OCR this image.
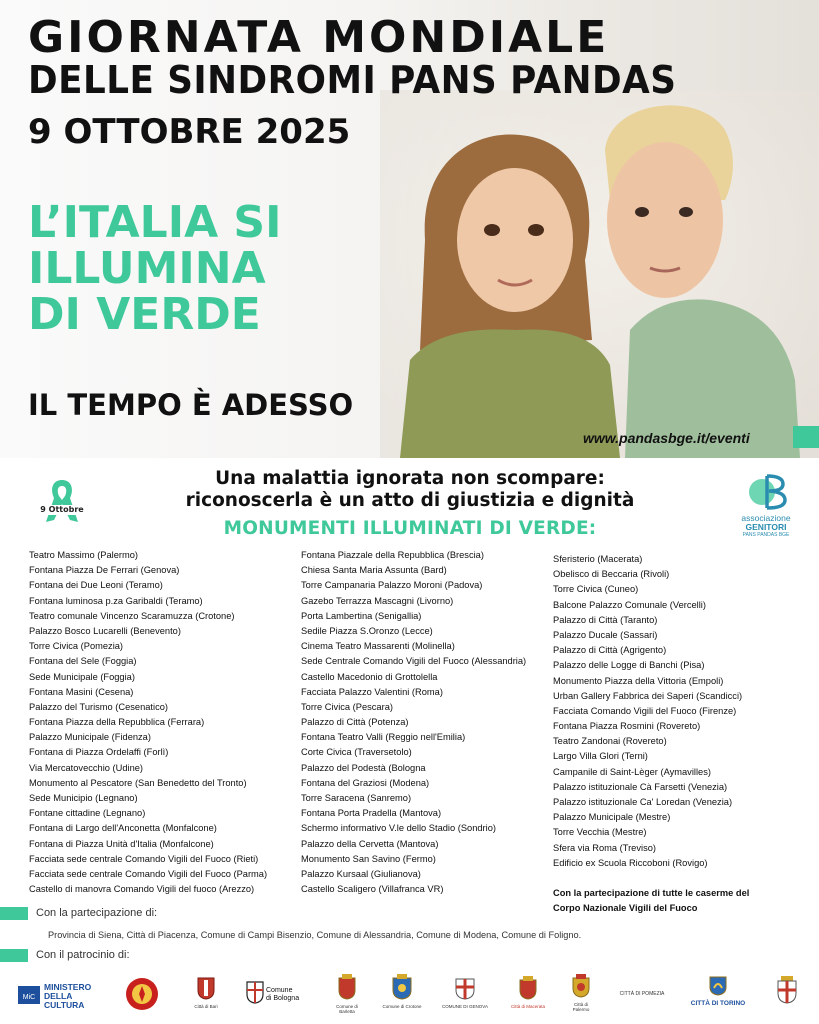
GIORNATA MONDIALE
DELLE SINDROMI PANS PANDAS
9 OTTOBRE 2025
L’ITALIA SI
ILLUMINA
DI VERDE
IL TEMPO È ADESSO
www.pandasbge.it/eventi
9 Ottobre
Una malattia ignorata non scompare:
riconoscerla è un atto di giustizia e dignità
MONUMENTI ILLUMINATI DI VERDE:	associazione
GENITORI
PANS PANDAS BGE
Teatro Massimo (Palermo)
Fontana Piazza De Ferrari (Genova)
Fontana dei Due Leoni (Teramo)
Fontana luminosa p.za Garibaldi (Teramo)
Teatro comunale Vincenzo Scaramuzza (Crotone)
Palazzo Bosco Lucarelli (Benevento)
Torre Civica (Pomezia)
Fontana del Sele (Foggia)
Sede Municipale (Foggia)
Fontana Masini (Cesena)
Palazzo del Turismo (Cesenatico)
Fontana Piazza della Repubblica (Ferrara)
Palazzo Municipale (Fidenza)
Fontana di Piazza Ordelaffi (Forlì)
Via Mercatovecchio (Udine)
Monumento al Pescatore (San Benedetto del Tronto)
Sede Municipio (Legnano)
Fontane cittadine (Legnano)
Fontana di Largo dell'Anconetta (Monfalcone)
Fontana di Piazza Unità d'Italia (Monfalcone)
Facciata sede centrale Comando Vigili del Fuoco (Rieti)
Facciata sede centrale Comando Vigili del Fuoco (Parma)
Castello di manovra Comando Vigili del fuoco (Arezzo)
Fontana Piazzale della Repubblica (Brescia)
Chiesa Santa Maria Assunta (Bard)
Torre Campanaria Palazzo Moroni (Padova)
Gazebo Terrazza Mascagni (Livorno)
Porta Lambertina (Senigallia)
Sedile Piazza S.Oronzo (Lecce)
Cinema Teatro Massarenti (Molinella)
Sede Centrale Comando Vigili del Fuoco (Alessandria)
Castello Macedonio di Grottolella
Facciata Palazzo Valentini (Roma)
Torre Civica (Pescara)
Palazzo di Città (Potenza)
Fontana Teatro Valli (Reggio nell'Emilia)
Corte Civica (Traversetolo)
Palazzo del Podestà (Bologna
Fontana del Graziosi (Modena)
Torre Saracena (Sanremo)
Fontana Porta Pradella (Mantova)
Schermo informativo V.le dello Stadio (Sondrio)
Palazzo della Cervetta (Mantova)
Monumento San Savino (Fermo)
Palazzo Kursaal (Giulianova)
Castello Scaligero (Villafranca VR)
Sferisterio (Macerata)
Obelisco di Beccaria (Rivoli)
Torre Civica (Cuneo)
Balcone Palazzo Comunale (Vercelli)
Palazzo di Città (Taranto)
Palazzo Ducale (Sassari)
Palazzo di Città (Agrigento)
Palazzo delle Logge di Banchi (Pisa)
Monumento Piazza della Vittoria (Empoli)
Urban Gallery Fabbrica dei Saperi (Scandicci)
Facciata Comando Vigili del Fuoco (Firenze)
Fontana Piazza Rosmini (Rovereto)
Teatro Zandonai (Rovereto)
Largo Villa Glori (Terni)
Campanile di Saint-Lèger (Aymavilles)
Palazzo istituzionale Cà Farsetti (Venezia)
Palazzo istituzionale Ca' Loredan (Venezia)
Palazzo Municipale (Mestre)
Torre Vecchia (Mestre)
Sfera via Roma (Treviso)
Edificio ex Scuola Riccoboni (Rovigo)
Con la partecipazione di tutte le caserme del
Corpo Nazionale Vigili del Fuoco
Con la partecipazione di:
Provincia di Siena, Città di Piacenza, Comune di Campi Bisenzio, Comune di Alessandria, Comune di Modena, Comune di Foligno.
Con il patrocinio di:
MiC
MINISTERO
DELLA
CULTURA	Città di Bari
Comune
di Bologna
Comune di Barletta
Comune di Crotone	COMUNE DI GENOVA	Città di Macerata	Città di Palermo
CITTÀ DI POMEZIA
CITTÀ DI TORINO
